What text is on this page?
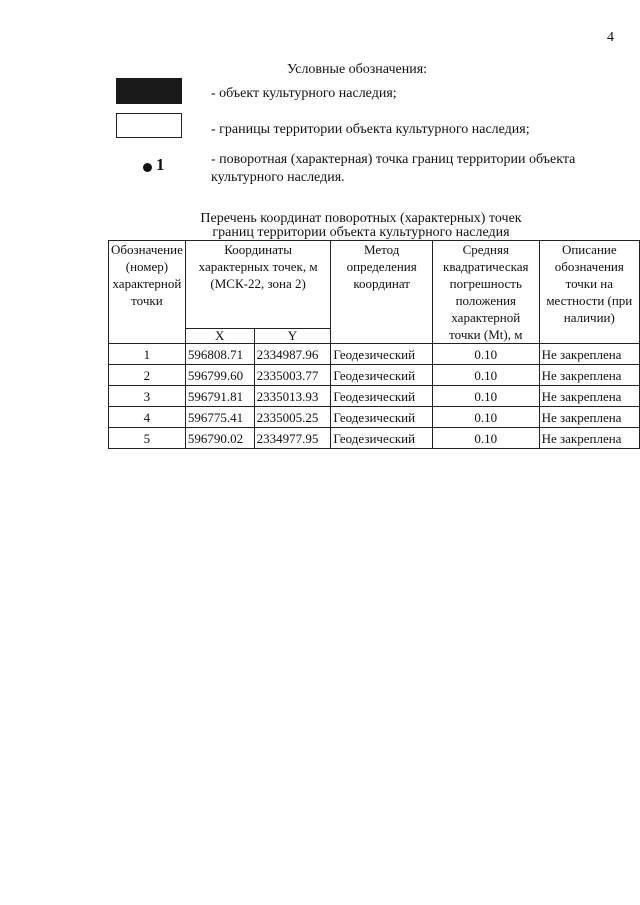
4
Условные обозначения:
- объект культурного наследия;
- границы территории объекта культурного наследия;
1	- поворотная (характерная) точка границ территории объекта культурного наследия.
Перечень координат поворотных (характерных) точек
границ территории объекта культурного наследия
Обозначение (номер) характерной точки	Координаты характерных точек, м (МСК-22, зона 2)		Метод определения координат	Средняя квадратическая погрешность положения характерной точки (Mt), м	Описание обозначения точки на местности (при наличии)
	X	Y			
1	596808.71	2334987.96	Геодезический	0.10	Не закреплена
2	596799.60	2335003.77	Геодезический	0.10	Не закреплена
3	596791.81	2335013.93	Геодезический	0.10	Не закреплена
4	596775.41	2335005.25	Геодезический	0.10	Не закреплена
5	596790.02	2334977.95	Геодезический	0.10	Не закреплена
